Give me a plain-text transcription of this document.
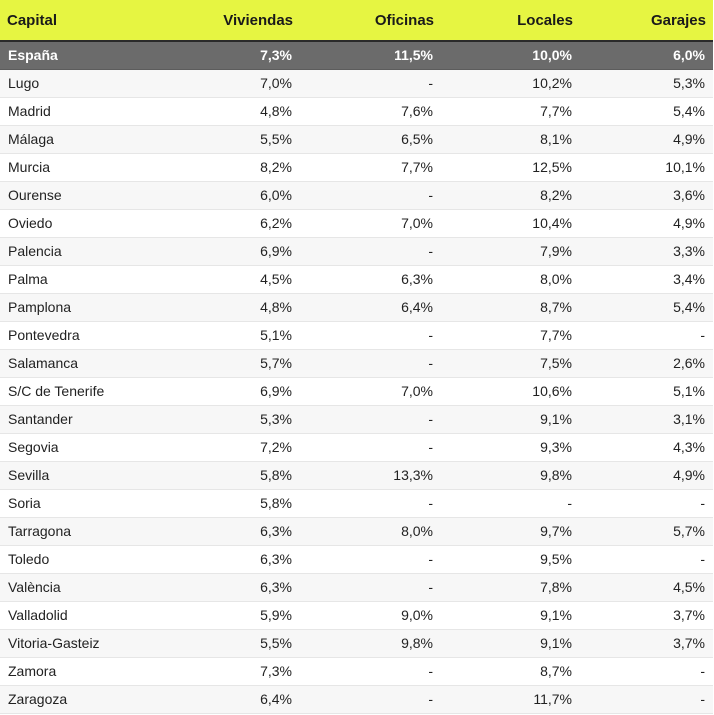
Capital	Viviendas	Oficinas	Locales	Garajes
España	7,3%	11,5%	10,0%	6,0%
Lugo	7,0%	-	10,2%	5,3%
Madrid	4,8%	7,6%	7,7%	5,4%
Málaga	5,5%	6,5%	8,1%	4,9%
Murcia	8,2%	7,7%	12,5%	10,1%
Ourense	6,0%	-	8,2%	3,6%
Oviedo	6,2%	7,0%	10,4%	4,9%
Palencia	6,9%	-	7,9%	3,3%
Palma	4,5%	6,3%	8,0%	3,4%
Pamplona	4,8%	6,4%	8,7%	5,4%
Pontevedra	5,1%	-	7,7%	-
Salamanca	5,7%	-	7,5%	2,6%
S/C de Tenerife	6,9%	7,0%	10,6%	5,1%
Santander	5,3%	-	9,1%	3,1%
Segovia	7,2%	-	9,3%	4,3%
Sevilla	5,8%	13,3%	9,8%	4,9%
Soria	5,8%	-	-	-
Tarragona	6,3%	8,0%	9,7%	5,7%
Toledo	6,3%	-	9,5%	-
València	6,3%	-	7,8%	4,5%
Valladolid	5,9%	9,0%	9,1%	3,7%
Vitoria-Gasteiz	5,5%	9,8%	9,1%	3,7%
Zamora	7,3%	-	8,7%	-
Zaragoza	6,4%	-	11,7%	-
